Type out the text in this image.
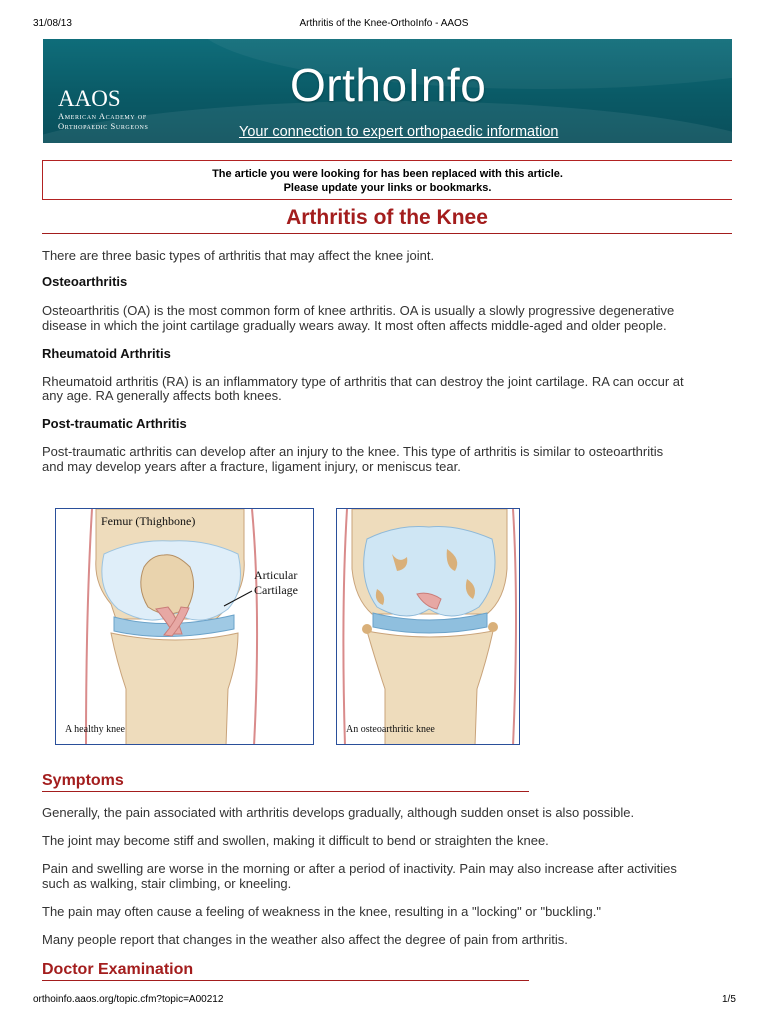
31/08/13	Arthritis of the Knee-OrthoInfo - AAOS
AAOS
American Academy of
Orthopaedic Surgeons
OrthoInfo
Your connection to expert orthopaedic information
The article you were looking for has been replaced with this article.
Please update your links or bookmarks.
Arthritis of the Knee
There are three basic types of arthritis that may affect the knee joint.
Osteoarthritis
Osteoarthritis (OA) is the most common form of knee arthritis. OA is usually a slowly progressive degenerative
disease in which the joint cartilage gradually wears away. It most often affects middle-aged and older people.
Rheumatoid Arthritis
Rheumatoid arthritis (RA) is an inflammatory type of arthritis that can destroy the joint cartilage. RA can occur at
any age. RA generally affects both knees.
Post-traumatic Arthritis
Post-traumatic arthritis can develop after an injury to the knee. This type of arthritis is similar to osteoarthritis
and may develop years after a fracture, ligament injury, or meniscus tear.
Femur (Thighbone)
Articular
Cartilage
A healthy knee	An osteoarthritic knee
Symptoms
Generally, the pain associated with arthritis develops gradually, although sudden onset is also possible.
The joint may become stiff and swollen, making it difficult to bend or straighten the knee.
Pain and swelling are worse in the morning or after a period of inactivity. Pain may also increase after activities
such as walking, stair climbing, or kneeling.
The pain may often cause a feeling of weakness in the knee, resulting in a "locking" or "buckling."
Many people report that changes in the weather also affect the degree of pain from arthritis.
Doctor Examination
orthoinfo.aaos.org/topic.cfm?topic=A00212	1/5
